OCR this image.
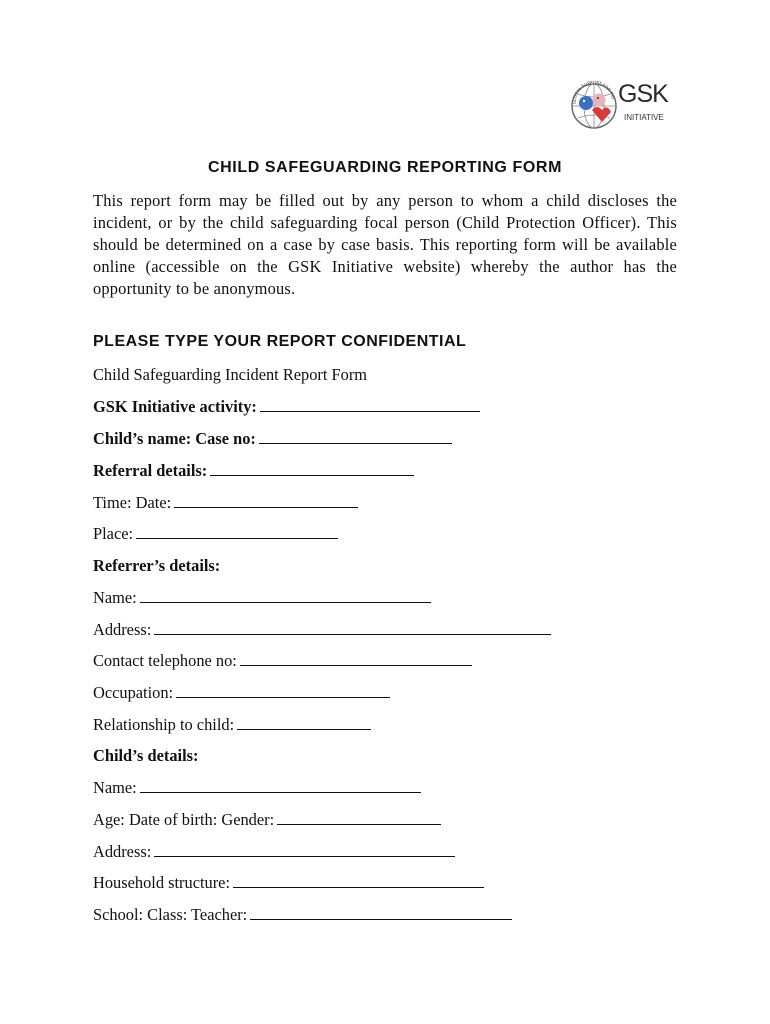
GLOBAL SUPPORT FOR KID GSK
INITIATIVE
CHILD SAFEGUARDING REPORTING FORM

This report form may be filled out by any person to whom a child discloses the incident, or by the child safeguarding focal person (Child Protection Officer). This should be determined on a case by case basis. This reporting form will be available online (accessible on the GSK Initiative website) whereby the author has the opportunity to be anonymous.

PLEASE TYPE YOUR REPORT CONFIDENTIAL

Child Safeguarding Incident Report Form

GSK Initiative activity:

Child’s name: Case no:

Referral details:

Time: Date:

Place:

Referrer’s details:

Name:

Address:

Contact telephone no:

Occupation:

Relationship to child:

Child’s details:

Name:

Age: Date of birth: Gender:

Address:

Household structure:

School: Class: Teacher:
